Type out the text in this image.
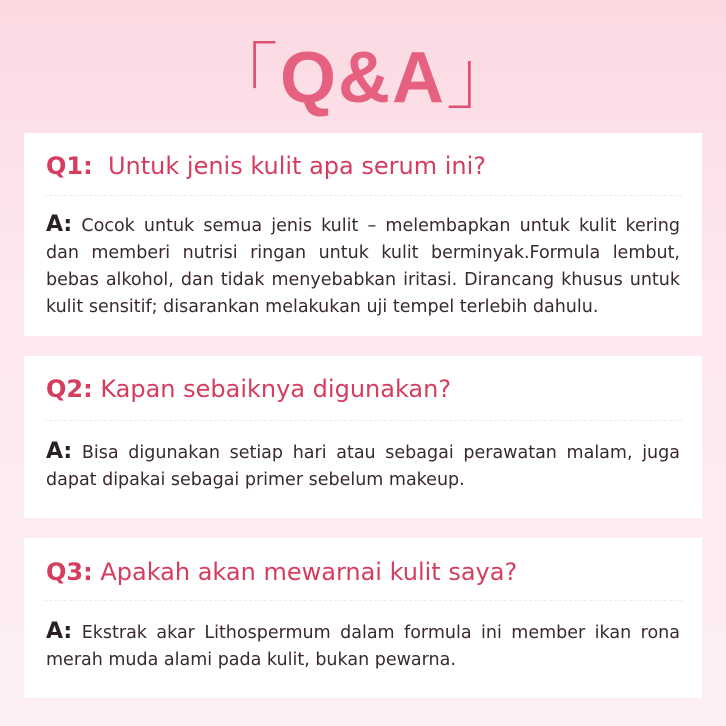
「Q&A」
Q1: Untuk jenis kulit apa serum ini?
A: Cocok untuk semua jenis kulit – melembapkan untuk kulit kering dan memberi nutrisi ringan untuk kulit berminyak.Formula lembut, bebas alkohol, dan tidak menyebabkan iritasi. Dirancang khusus untuk kulit sensitif; disarankan melakukan uji tempel terlebih dahulu.
Q2: Kapan sebaiknya digunakan?
A: Bisa digunakan setiap hari atau sebagai perawatan malam, juga dapat dipakai sebagai primer sebelum makeup.
Q3: Apakah akan mewarnai kulit saya?
A: Ekstrak akar Lithospermum dalam formula ini member ikan rona merah muda alami pada kulit, bukan pewarna.
